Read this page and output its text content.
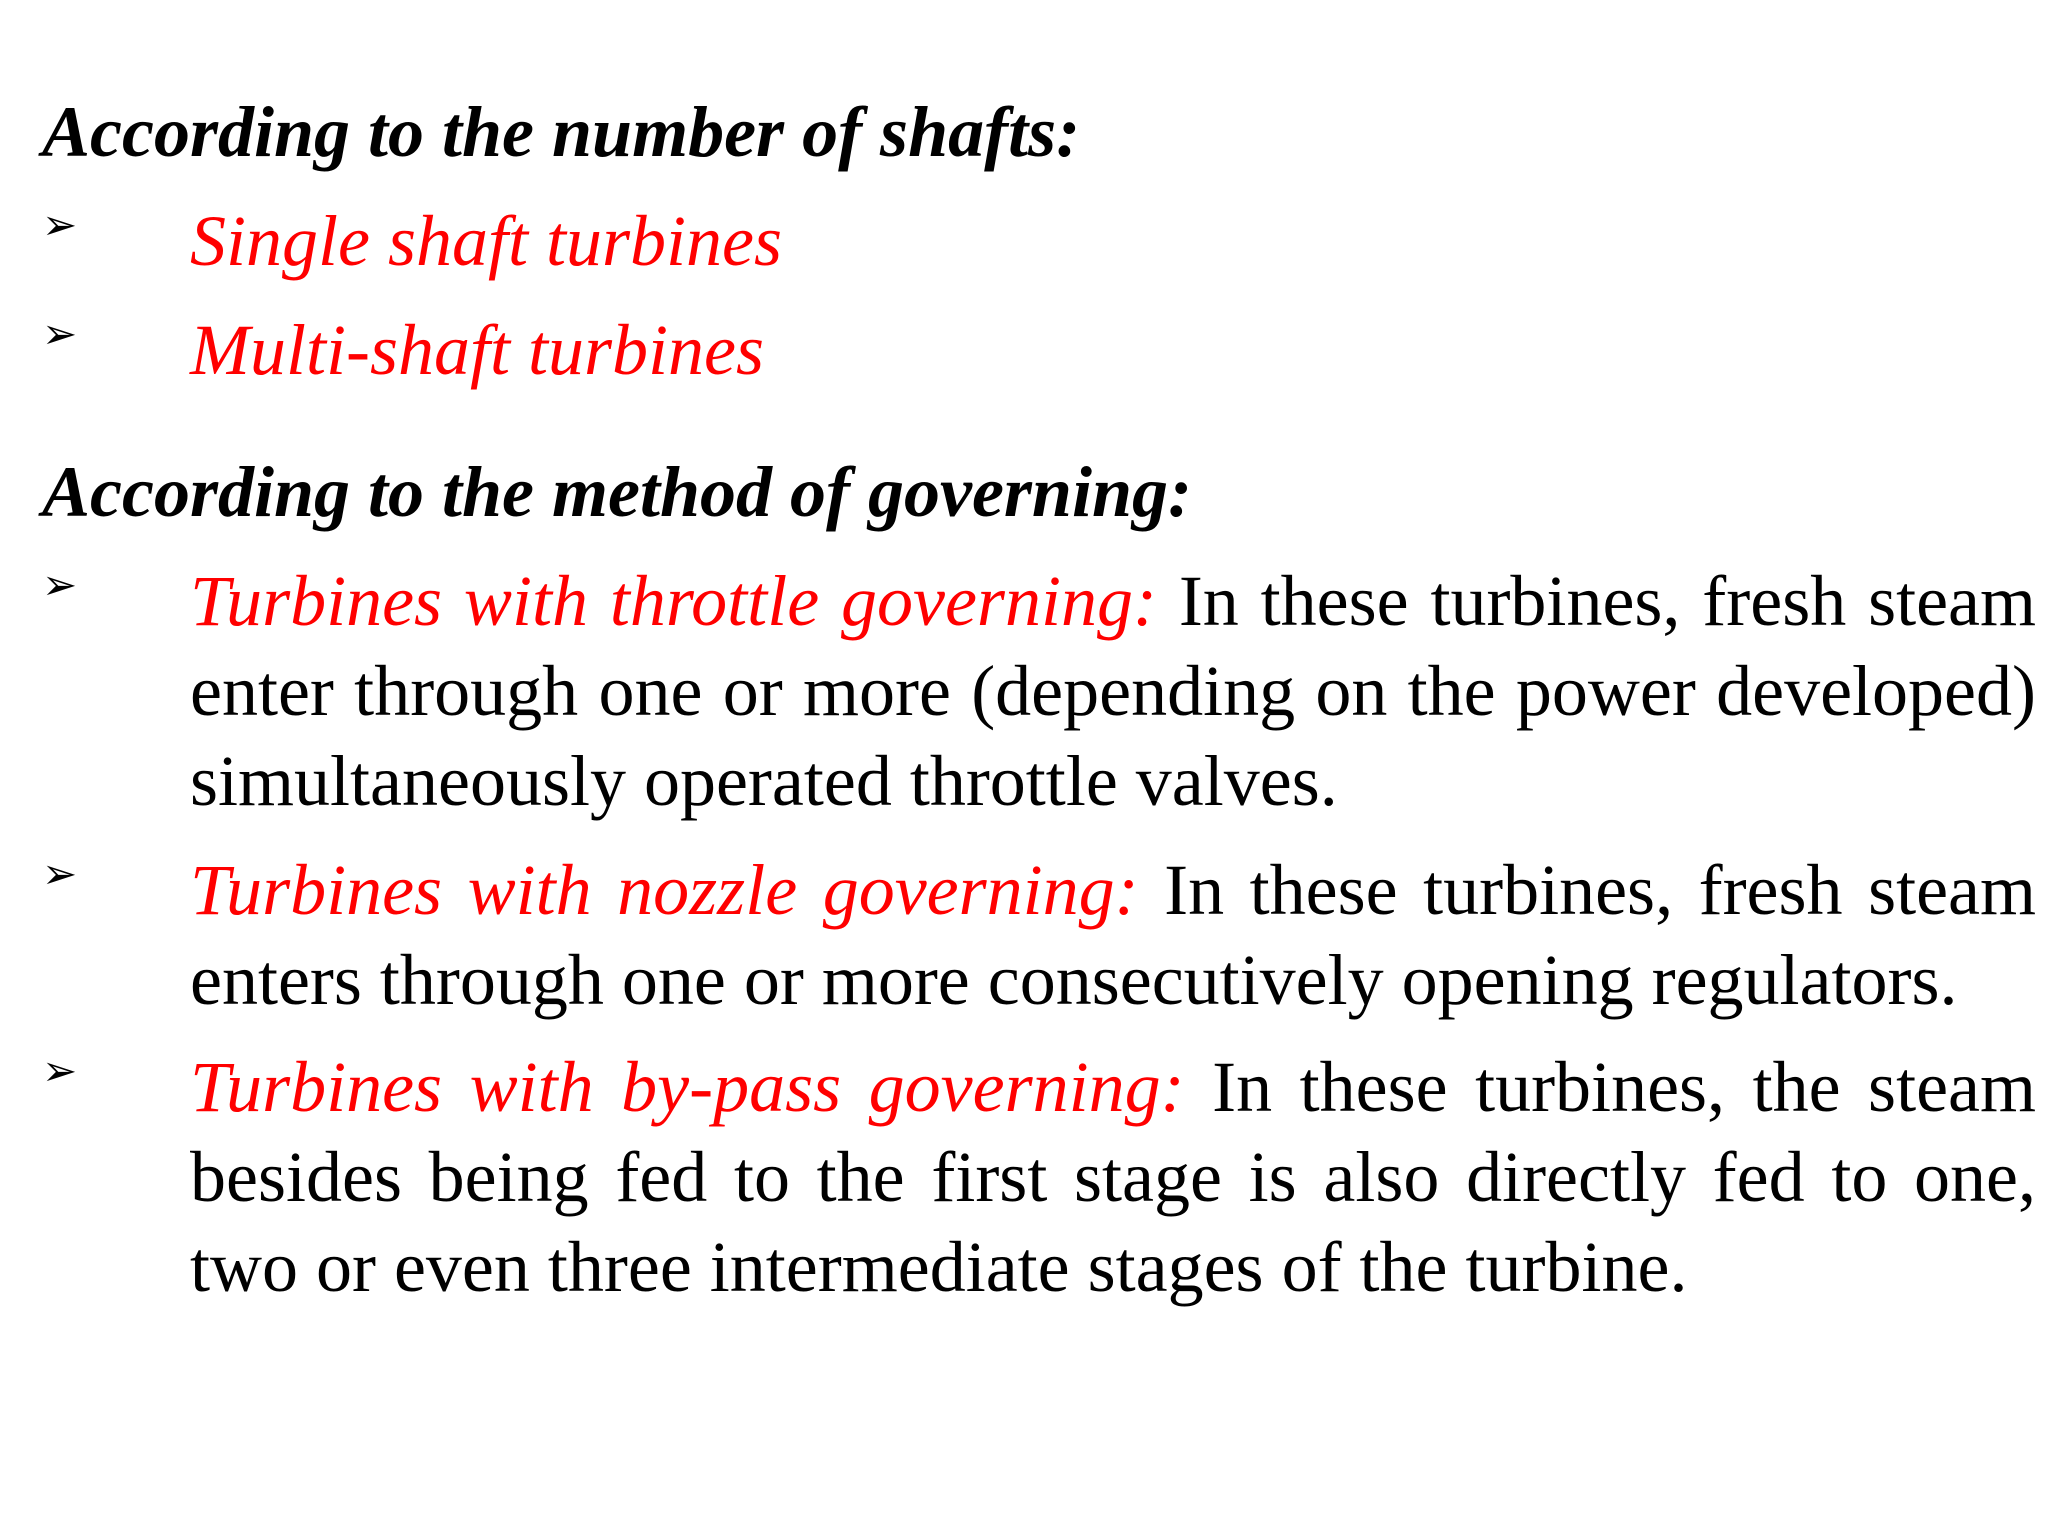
According to the number of shafts:
➢ Single shaft turbines
➢ Multi-shaft turbines
According to the method of governing:
➢ Turbines with throttle governing: In these turbines, fresh steam enter through one or more (depending on the power developed) simultaneously operated throttle valves.
➢ Turbines with nozzle governing: In these turbines, fresh steam enters through one or more consecutively opening regulators.
➢ Turbines with by-pass governing: In these turbines, the steam besides being fed to the first stage is also directly fed to one, two or even three intermediate stages of the turbine.
